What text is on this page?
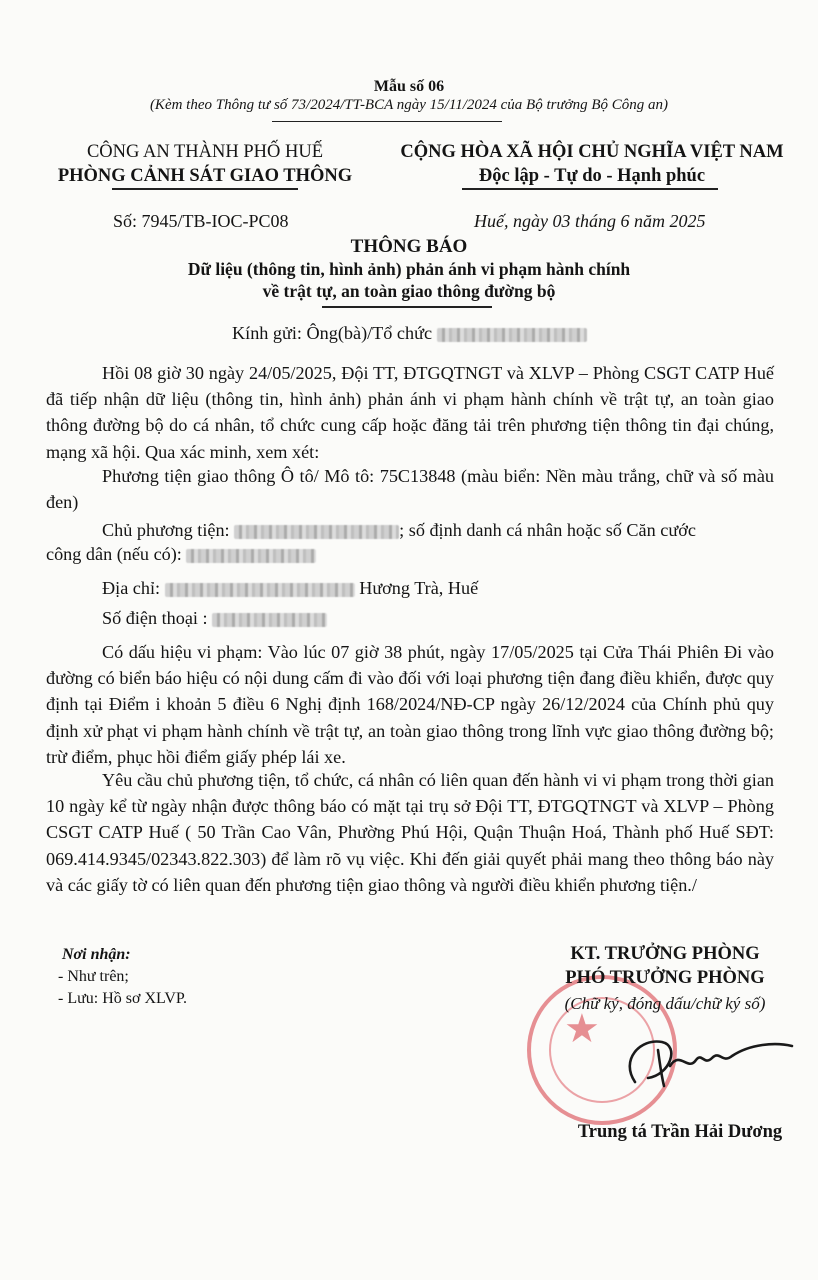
Mẫu số 06
(Kèm theo Thông tư số 73/2024/TT-BCA ngày 15/11/2024 của Bộ trưởng Bộ Công an)
CÔNG AN THÀNH PHỐ HUẾ
PHÒNG CẢNH SÁT GIAO THÔNG
CỘNG HÒA XÃ HỘI CHỦ NGHĨA VIỆT NAM
Độc lập - Tự do - Hạnh phúc
Số: 7945/TB-IOC-PC08	Huế, ngày 03 tháng 6 năm 2025
THÔNG BÁO
Dữ liệu (thông tin, hình ảnh) phản ánh vi phạm hành chính
về trật tự, an toàn giao thông đường bộ
Kính gửi: Ông(bà)/Tổ chức
Hồi 08 giờ 30 ngày 24/05/2025, Đội TT, ĐTGQTNGT và XLVP – Phòng CSGT CATP Huế đã tiếp nhận dữ liệu (thông tin, hình ảnh) phản ánh vi phạm hành chính về trật tự, an toàn giao thông đường bộ do cá nhân, tổ chức cung cấp hoặc đăng tải trên phương tiện thông tin đại chúng, mạng xã hội. Qua xác minh, xem xét:
Phương tiện giao thông Ô tô/ Mô tô: 75C13848 (màu biển: Nền màu trắng, chữ và số màu đen)
Chủ phương tiện:	; số định danh cá nhân hoặc số Căn cước
công dân (nếu có):
Địa chỉ:	Hương Trà, Huế
Số điện thoại :
Có dấu hiệu vi phạm: Vào lúc 07 giờ 38 phút, ngày 17/05/2025 tại Cửa Thái Phiên Đi vào đường có biển báo hiệu có nội dung cấm đi vào đối với loại phương tiện đang điều khiển, được quy định tại Điểm i khoản 5 điều 6 Nghị định 168/2024/NĐ-CP ngày 26/12/2024 của Chính phủ quy định xử phạt vi phạm hành chính về trật tự, an toàn giao thông trong lĩnh vực giao thông đường bộ; trừ điểm, phục hồi điểm giấy phép lái xe.
Yêu cầu chủ phương tiện, tổ chức, cá nhân có liên quan đến hành vi vi phạm trong thời gian 10 ngày kể từ ngày nhận được thông báo có mặt tại trụ sở Đội TT, ĐTGQTNGT và XLVP – Phòng CSGT CATP Huế ( 50 Trần Cao Vân, Phường Phú Hội, Quận Thuận Hoá, Thành phố Huế SĐT: 069.414.9345/02343.822.303) để làm rõ vụ việc. Khi đến giải quyết phải mang theo thông báo này và các giấy tờ có liên quan đến phương tiện giao thông và người điều khiển phương tiện./
Nơi nhận:
- Như trên;
- Lưu: Hồ sơ XLVP.
★
KT. TRƯỞNG PHÒNG
PHÓ TRƯỞNG PHÒNG
(Chữ ký, đóng dấu/chữ ký số)
Trung tá Trần Hải Dương
